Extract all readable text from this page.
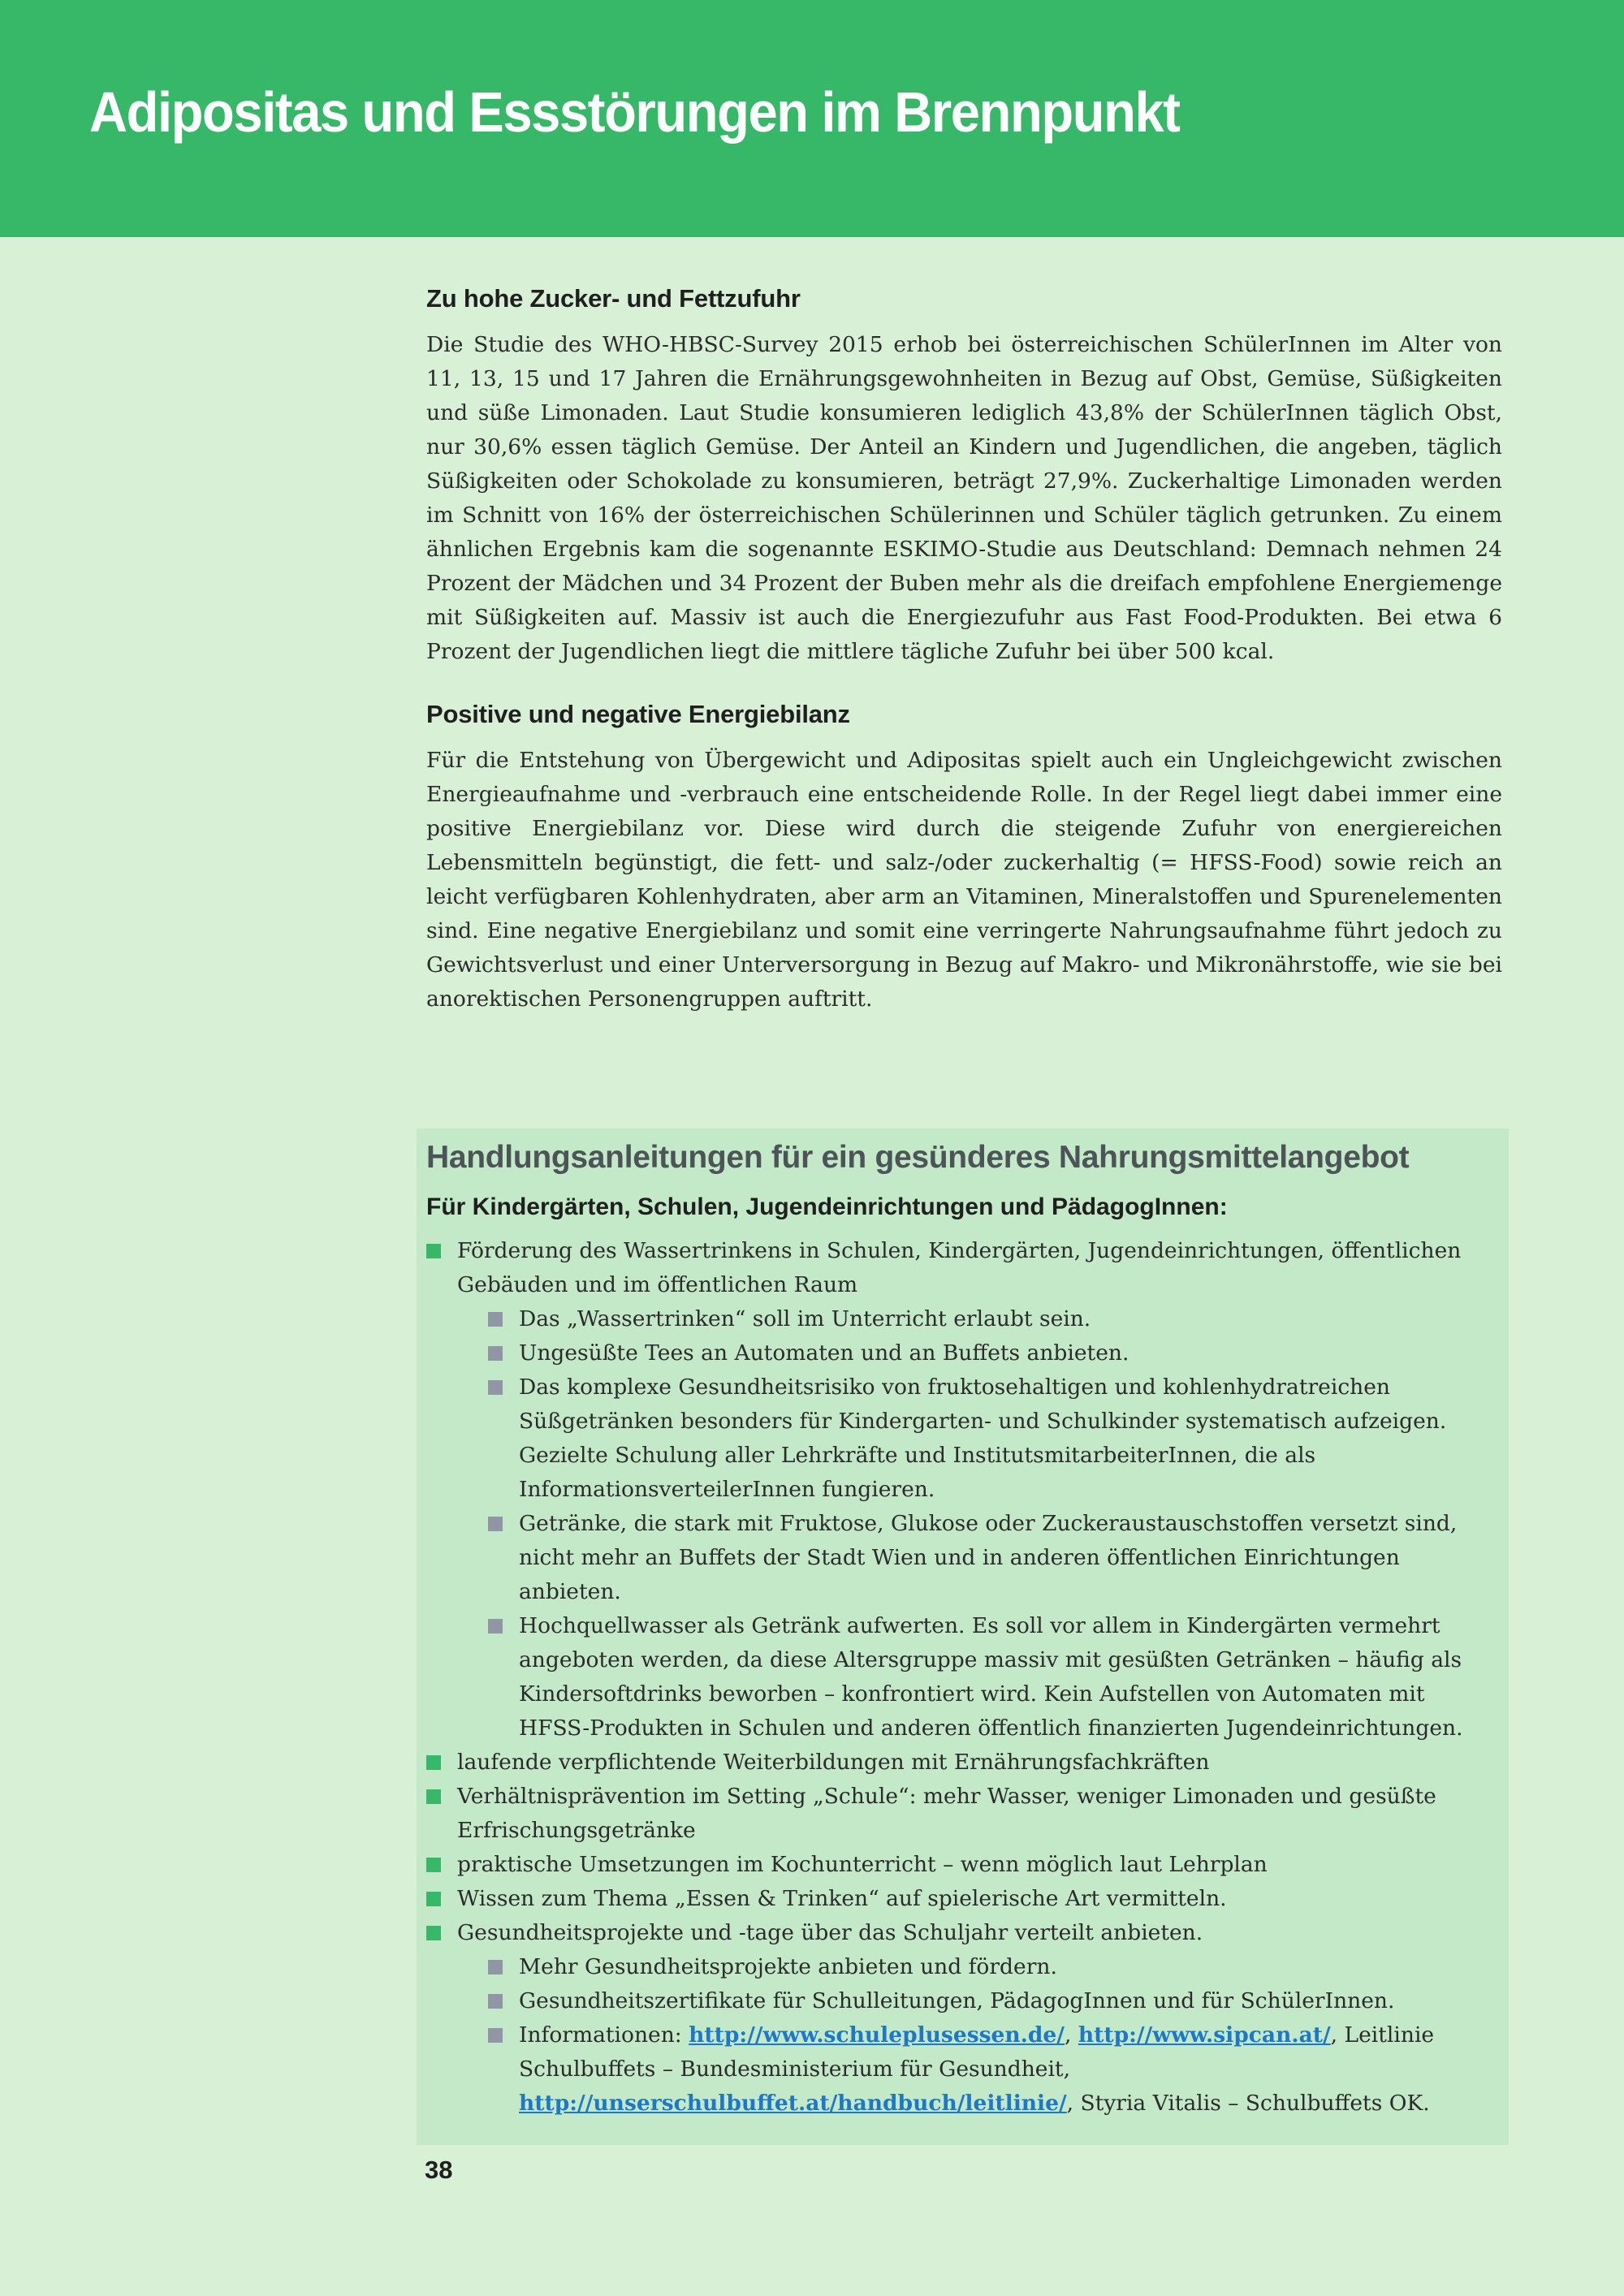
Adipositas und Essstörungen im Brennpunkt
Zu hohe Zucker- und Fettzufuhr

Die Studie des WHO-HBSC-Survey 2015 erhob bei österreichischen SchülerInnen im Alter von 11, 13, 15 und 17 Jahren die Ernährungsgewohnheiten in Bezug auf Obst, Gemüse, Süßigkeiten und süße Limonaden. Laut Studie konsumieren lediglich 43,8% der SchülerInnen täglich Obst, nur 30,6% essen täglich Gemüse. Der Anteil an Kindern und Jugendlichen, die angeben, täglich Süßigkeiten oder Schokolade zu konsumieren, beträgt 27,9%. Zuckerhaltige Limonaden werden im Schnitt von 16% der österreichischen Schülerinnen und Schüler täglich getrunken. Zu einem ähnlichen Ergebnis kam die sogenannte ESKIMO-Studie aus Deutschland: Demnach nehmen 24 Prozent der Mädchen und 34 Prozent der Buben mehr als die dreifach empfohlene Energiemenge mit Süßigkeiten auf. Massiv ist auch die Energiezufuhr aus Fast Food-Produkten. Bei etwa 6 Prozent der Jugendlichen liegt die mittlere tägliche Zufuhr bei über 500 kcal.

Positive und negative Energiebilanz

Für die Entstehung von Übergewicht und Adipositas spielt auch ein Ungleichgewicht zwischen Energieaufnahme und -verbrauch eine entscheidende Rolle. In der Regel liegt dabei immer eine positive Energiebilanz vor. Diese wird durch die steigende Zufuhr von energiereichen Lebensmitteln begünstigt, die fett- und salz-/oder zuckerhaltig (= HFSS-Food) sowie reich an leicht verfügbaren Kohlenhydraten, aber arm an Vitaminen, Mineralstoffen und Spurenelementen sind. Eine negative Energiebilanz und somit eine verringerte Nahrungsaufnahme führt jedoch zu Gewichtsverlust und einer Unterversorgung in Bezug auf Makro- und Mikronährstoffe, wie sie bei anorektischen Personengruppen auftritt.

Handlungsanleitungen für ein gesünderes Nahrungsmittelangebot
Für Kindergärten, Schulen, Jugendeinrichtungen und PädagogInnen:
Förderung des Wassertrinkens in Schulen, Kindergärten, Jugendeinrichtungen, öffentlichen Gebäuden und im öffentlichen Raum
Das „Wassertrinken“ soll im Unterricht erlaubt sein.
Ungesüßte Tees an Automaten und an Buffets anbieten.
Das komplexe Gesundheitsrisiko von fruktosehaltigen und kohlenhydratreichen Süßgetränken besonders für Kindergarten- und Schulkinder systematisch aufzeigen. Gezielte Schulung aller Lehrkräfte und InstitutsmitarbeiterInnen, die als InformationsverteilerInnen fungieren.
Getränke, die stark mit Fruktose, Glukose oder Zuckeraustauschstoffen versetzt sind, nicht mehr an Buffets der Stadt Wien und in anderen öffentlichen Einrichtungen anbieten.
Hochquellwasser als Getränk aufwerten. Es soll vor allem in Kindergärten vermehrt angeboten werden, da diese Altersgruppe massiv mit gesüßten Getränken – häufig als Kindersoftdrinks beworben – konfrontiert wird. Kein Aufstellen von Automaten mit HFSS-Produkten in Schulen und anderen öffentlich finanzierten Jugendeinrichtungen.
laufende verpflichtende Weiterbildungen mit Ernährungsfachkräften
Verhältnisprävention im Setting „Schule“: mehr Wasser, weniger Limonaden und gesüßte Erfrischungsgetränke
praktische Umsetzungen im Kochunterricht – wenn möglich laut Lehrplan
Wissen zum Thema „Essen & Trinken“ auf spielerische Art vermitteln.
Gesundheitsprojekte und -tage über das Schuljahr verteilt anbieten.
Mehr Gesundheitsprojekte anbieten und fördern.
Gesundheitszertifikate für Schulleitungen, PädagogInnen und für SchülerInnen.
Informationen: http://www.schuleplusessen.de/, http://www.sipcan.at/, Leitlinie Schulbuffets – Bundesministerium für Gesundheit, http://unserschulbuffet.at/handbuch/leitlinie/, Styria Vitalis – Schulbuffets OK.

38
